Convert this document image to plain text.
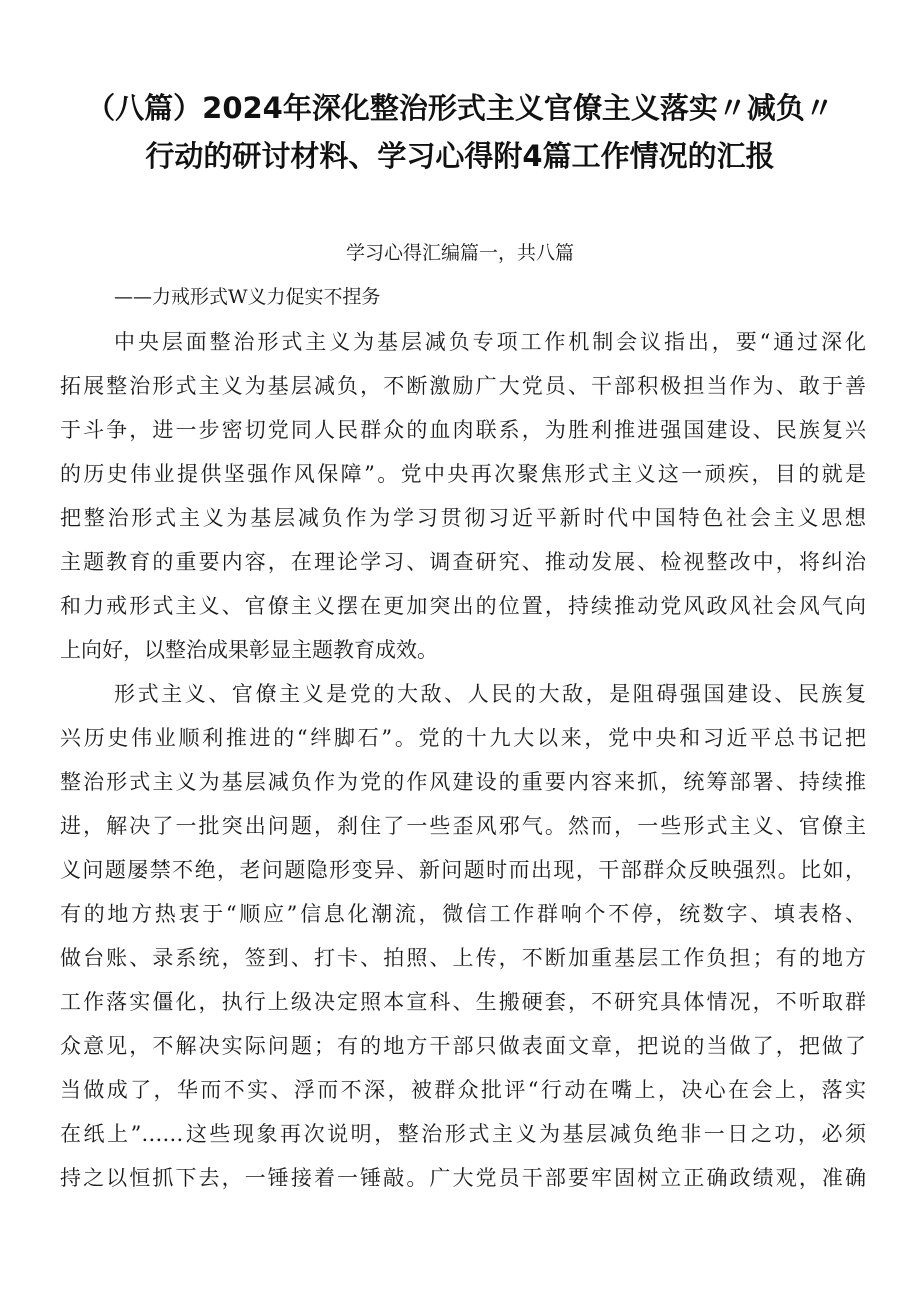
（八篇）2024年深化整治形式主义官僚主义落实〃减负〃
行动的研讨材料、学习心得附4篇工作情况的汇报
学习心得汇编篇一，共八篇
——力戒形式W义力促实不捏务
中央层面整治形式主义为基层减负专项工作机制会议指出，要“通过深化
拓展整治形式主义为基层减负，不断激励广大党员、干部积极担当作为、敢于善
于斗争，进一步密切党同人民群众的血肉联系，为胜利推进强国建设、民族复兴
的历史伟业提供坚强作风保障”。党中央再次聚焦形式主义这一顽疾，目的就是
把整治形式主义为基层减负作为学习贯彻习近平新时代中国特色社会主义思想
主题教育的重要内容，在理论学习、调查研究、推动发展、检视整改中，将纠治
和力戒形式主义、官僚主义摆在更加突出的位置，持续推动党风政风社会风气向
上向好，以整治成果彰显主题教育成效。
形式主义、官僚主义是党的大敌、人民的大敌，是阻碍强国建设、民族复
兴历史伟业顺利推进的“绊脚石”。党的十九大以来，党中央和习近平总书记把
整治形式主义为基层减负作为党的作风建设的重要内容来抓，统筹部署、持续推
进，解决了一批突出问题，刹住了一些歪风邪气。然而，一些形式主义、官僚主
义问题屡禁不绝，老问题隐形变异、新问题时而出现，干部群众反映强烈。比如，
有的地方热衷于“顺应”信息化潮流，微信工作群响个不停，统数字、填表格、
做台账、录系统，签到、打卡、拍照、上传，不断加重基层工作负担；有的地方
工作落实僵化，执行上级决定照本宣科、生搬硬套，不研究具体情况，不听取群
众意见，不解决实际问题；有的地方干部只做表面文章，把说的当做了，把做了
当做成了，华而不实、浮而不深，被群众批评“行动在嘴上，决心在会上，落实
在纸上”……这些现象再次说明，整治形式主义为基层减负绝非一日之功，必须
持之以恒抓下去，一锤接着一锤敲。广大党员干部要牢固树立正确政绩观，准确
